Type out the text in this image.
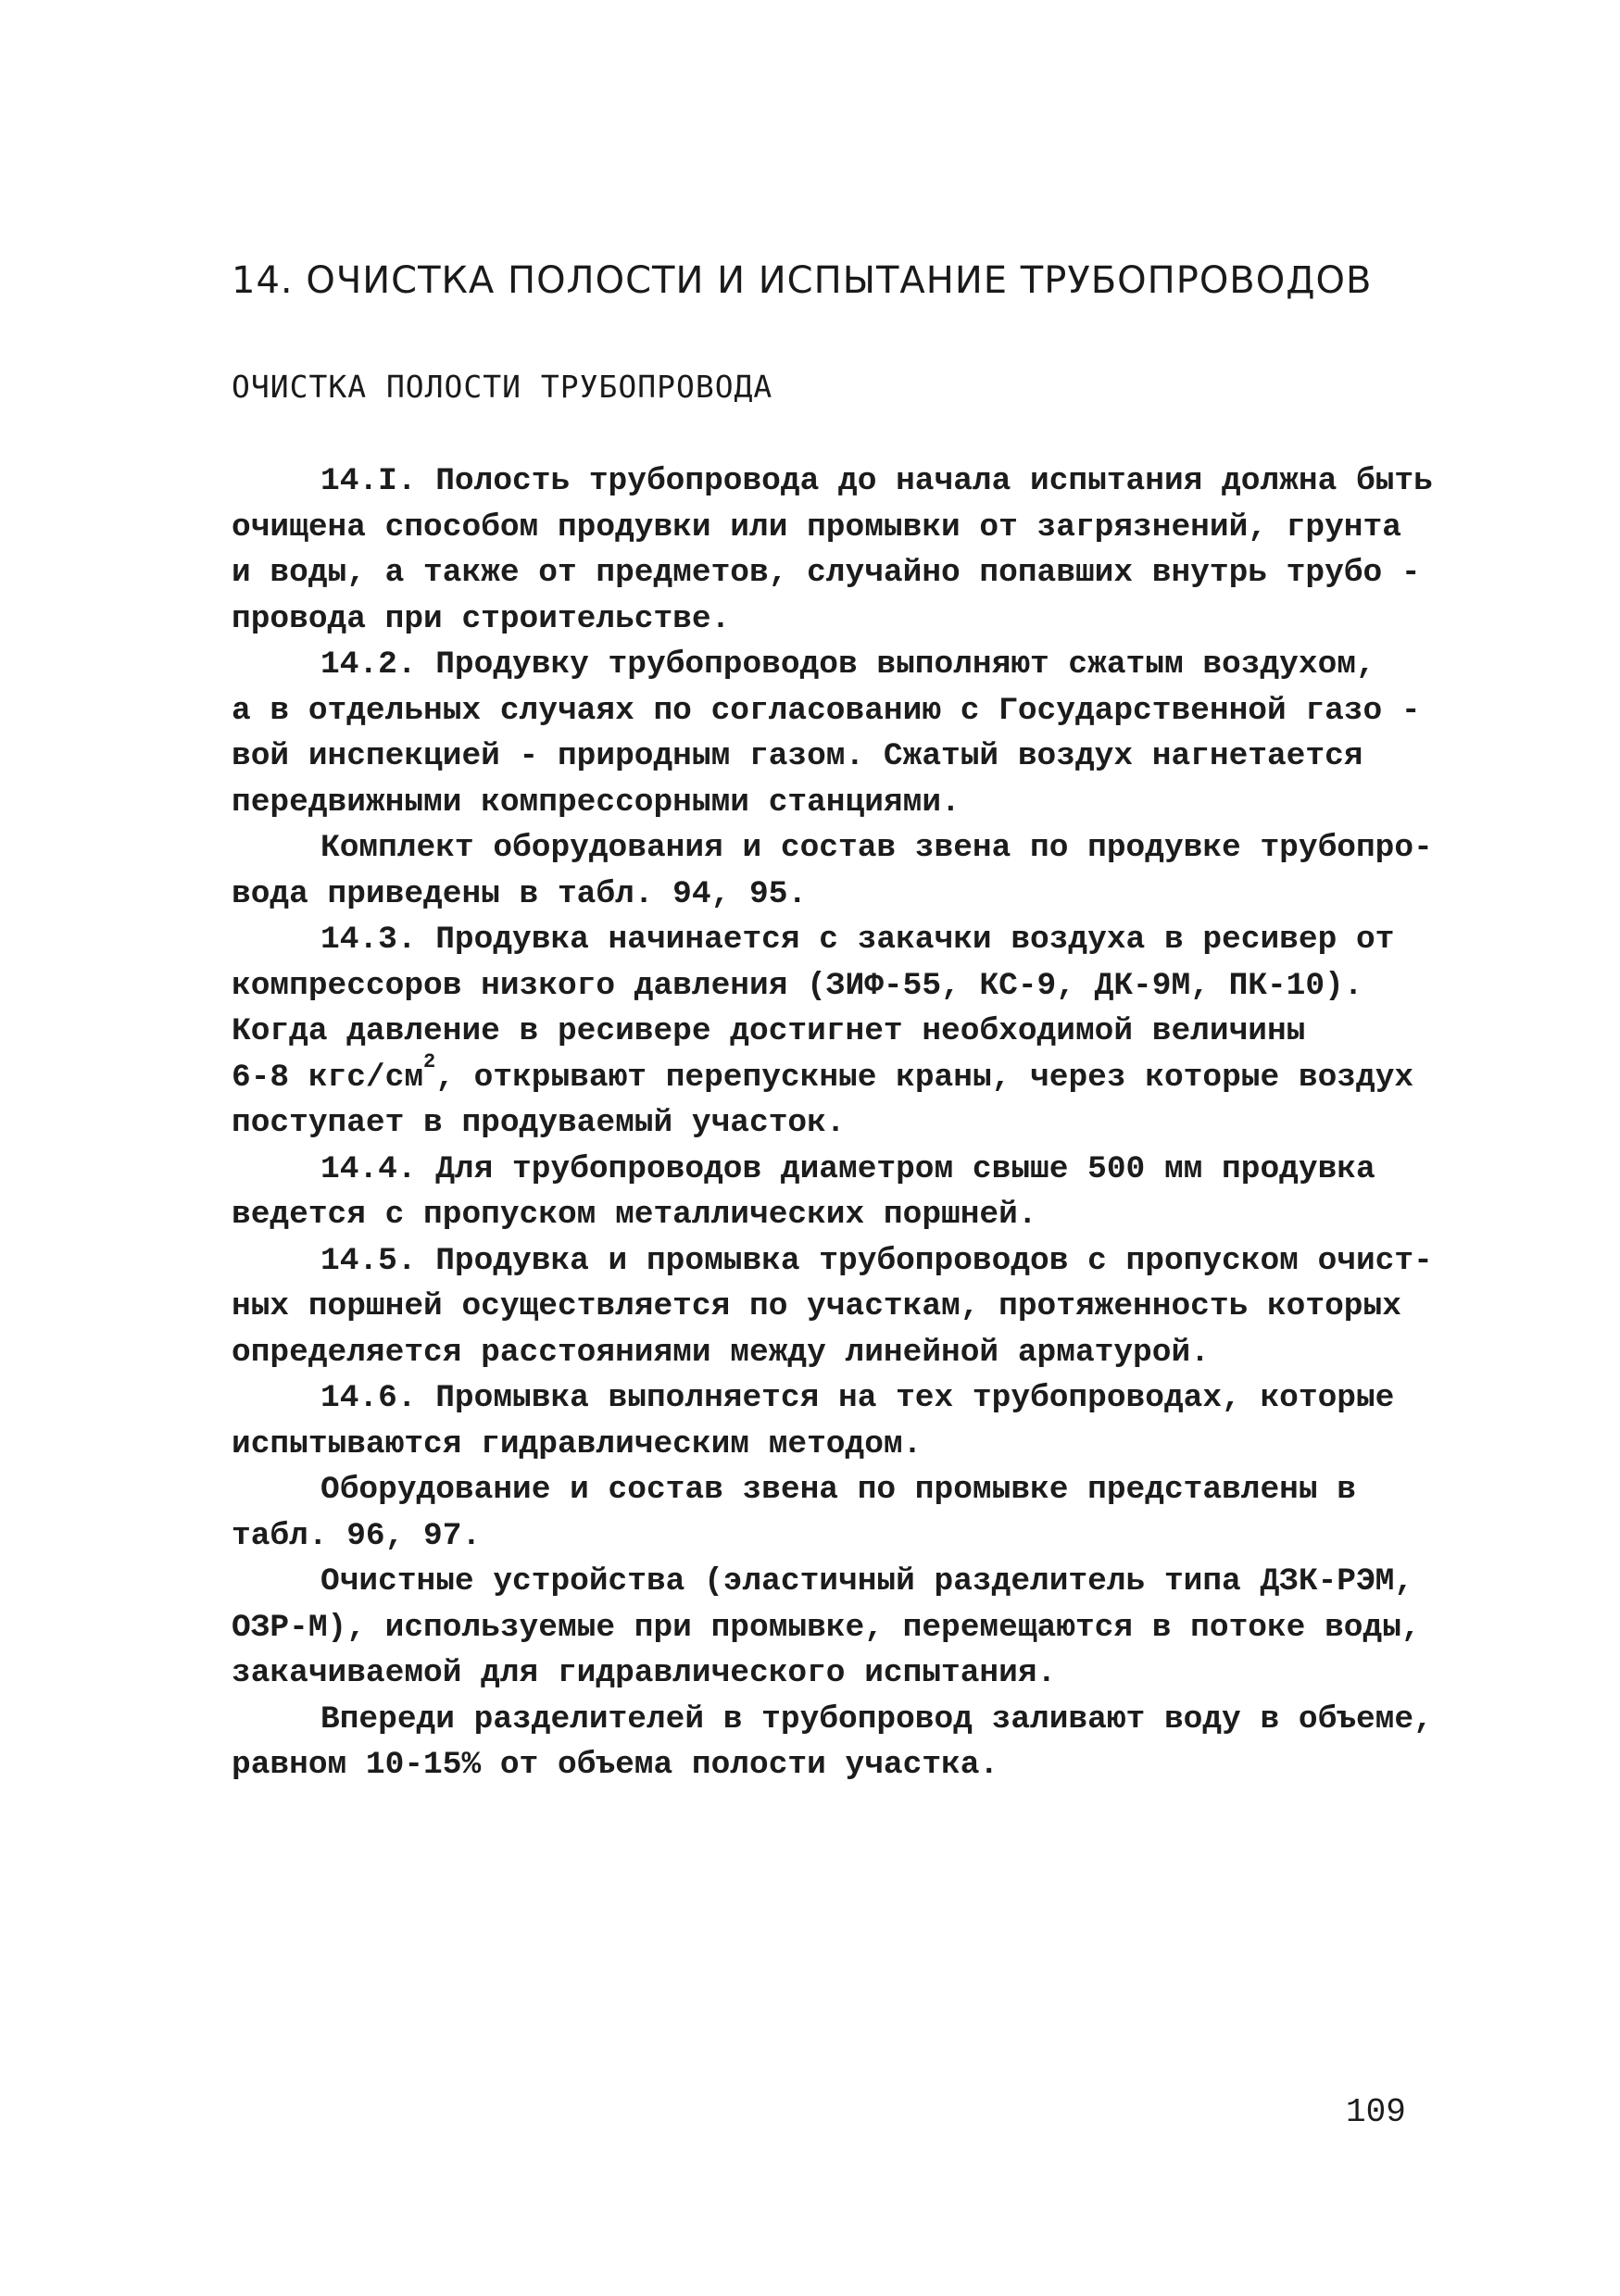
14. ОЧИСТКА ПОЛОСТИ И ИСПЫТАНИЕ ТРУБОПРОВОДОВ
ОЧИСТКА ПОЛОСТИ ТРУБОПРОВОДА
14.I. Полость трубопровода до начала испытания должна быть
очищена способом продувки или промывки от загрязнений, грунта
и воды, а также от предметов, случайно попавших внутрь трубо -
провода при строительстве.
14.2. Продувку трубопроводов выполняют сжатым воздухом,
а в отдельных случаях по согласованию с Государственной газо -
вой инспекцией - природным газом. Сжатый воздух нагнетается
передвижными компрессорными станциями.
Комплект оборудования и состав звена по продувке трубопро-
вода приведены в табл. 94, 95.
14.3. Продувка начинается с закачки воздуха в ресивер от
компрессоров низкого давления (ЗИФ-55, КС-9, ДК-9М, ПК-10).
Когда давление в ресивере достигнет необходимой величины
6-8 кгс/$см^2$, открывают перепускные краны, через которые воздух
поступает в продуваемый участок.
14.4. Для трубопроводов диаметром свыше 500 мм продувка
ведется с пропуском металлических поршней.
14.5. Продувка и промывка трубопроводов с пропуском очист-
ных поршней осуществляется по участкам, протяженность которых
определяется расстояниями между линейной арматурой.
14.6. Промывка выполняется на тех трубопроводах, которые
испытываются гидравлическим методом.
Оборудование и состав звена по промывке представлены в
табл. 96, 97.
Очистные устройства (эластичный разделитель типа ДЗК-РЭМ,
ОЗР-М), используемые при промывке, перемещаются в потоке воды,
закачиваемой для гидравлического испытания.
Впереди разделителей в трубопровод заливают воду в объеме,
равном 10-15% от объема полости участка.
109
